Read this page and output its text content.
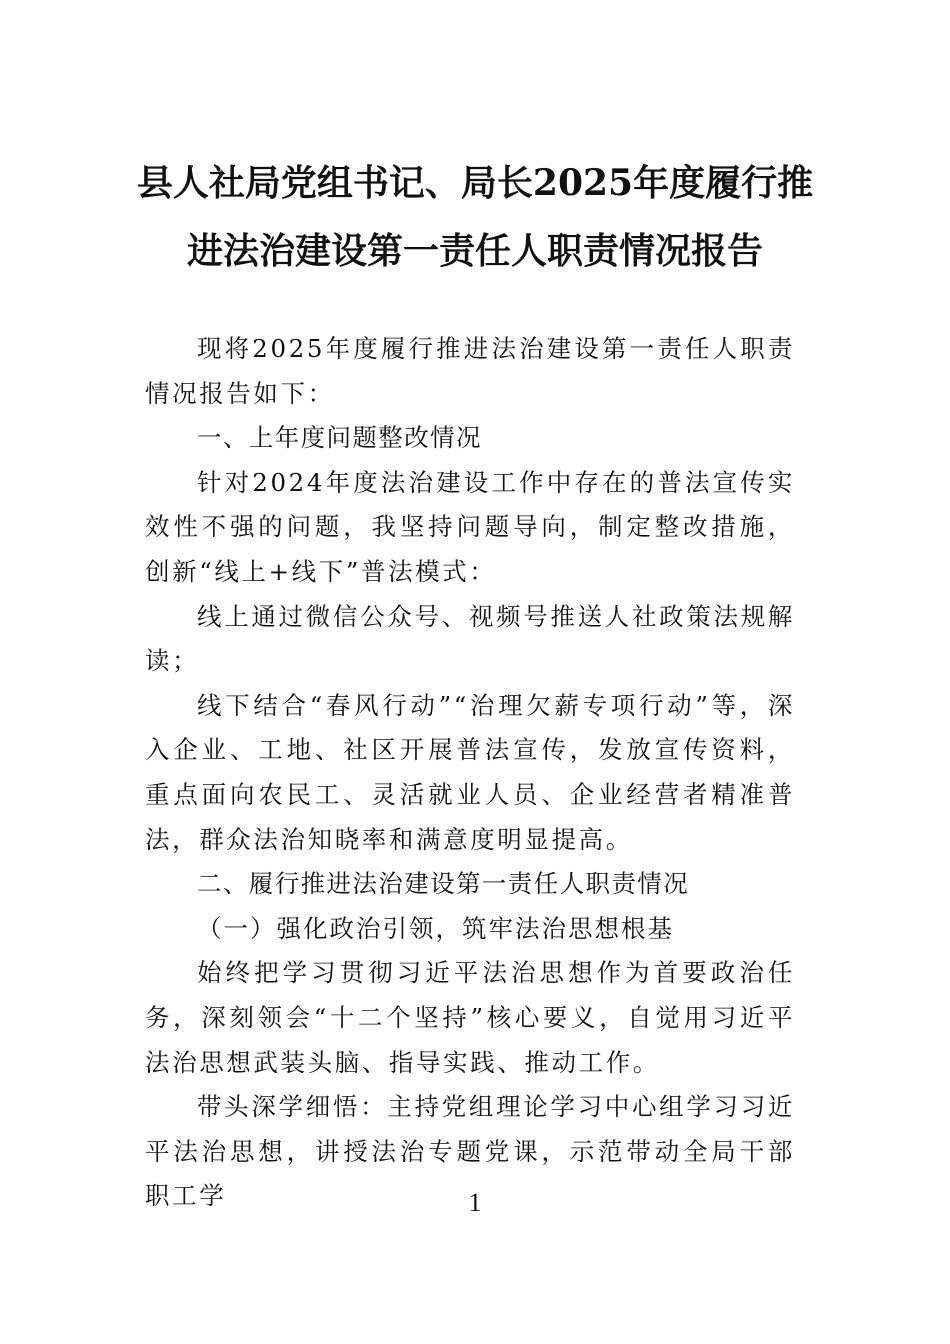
县人社局党组书记、局长2025年度履行推
进法治建设第一责任人职责情况报告

现将2025年度履行推进法治建设第一责任人职责情况报告如下：

一、上年度问题整改情况

针对2024年度法治建设工作中存在的普法宣传实效性不强的问题，我坚持问题导向，制定整改措施，创新“线上+线下”普法模式：

线上通过微信公众号、视频号推送人社政策法规解读；

线下结合“春风行动”“治理欠薪专项行动”等，深入企业、工地、社区开展普法宣传，发放宣传资料，重点面向农民工、灵活就业人员、企业经营者精准普法，群众法治知晓率和满意度明显提高。

二、履行推进法治建设第一责任人职责情况

（一）强化政治引领，筑牢法治思想根基

始终把学习贯彻习近平法治思想作为首要政治任务，深刻领会“十二个坚持”核心要义，自觉用习近平法治思想武装头脑、指导实践、推动工作。

带头深学细悟：主持党组理论学习中心组学习习近平法治思想，讲授法治专题党课，示范带动全局干部职工学	1
